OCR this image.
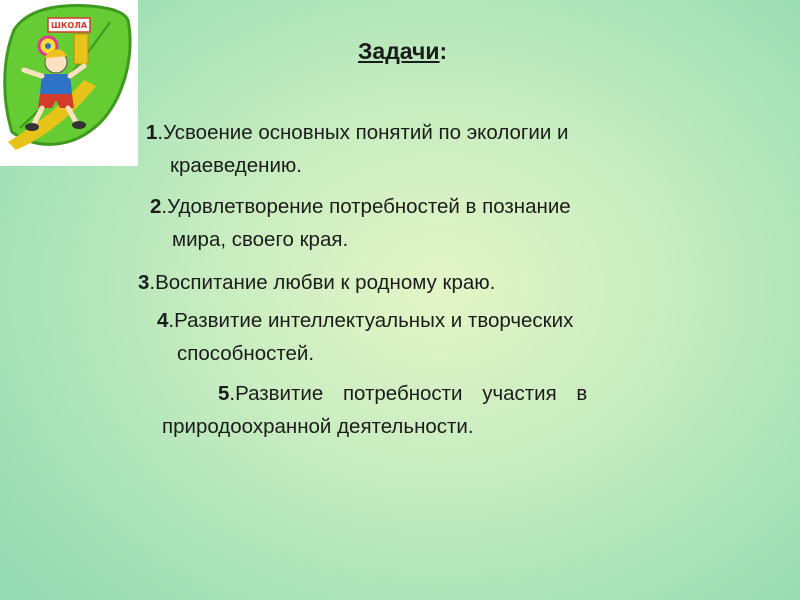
ШКОЛА
Задачи:

1.Усвоение основных понятий по экологии и
краеведению.

2.Удовлетворение потребностей в познание
мира, своего края.

3.Воспитание любви к родному краю.

4.Развитие интеллектуальных и творческих
способностей.

5.Развитие потребности участия в
природоохранной деятельности.
